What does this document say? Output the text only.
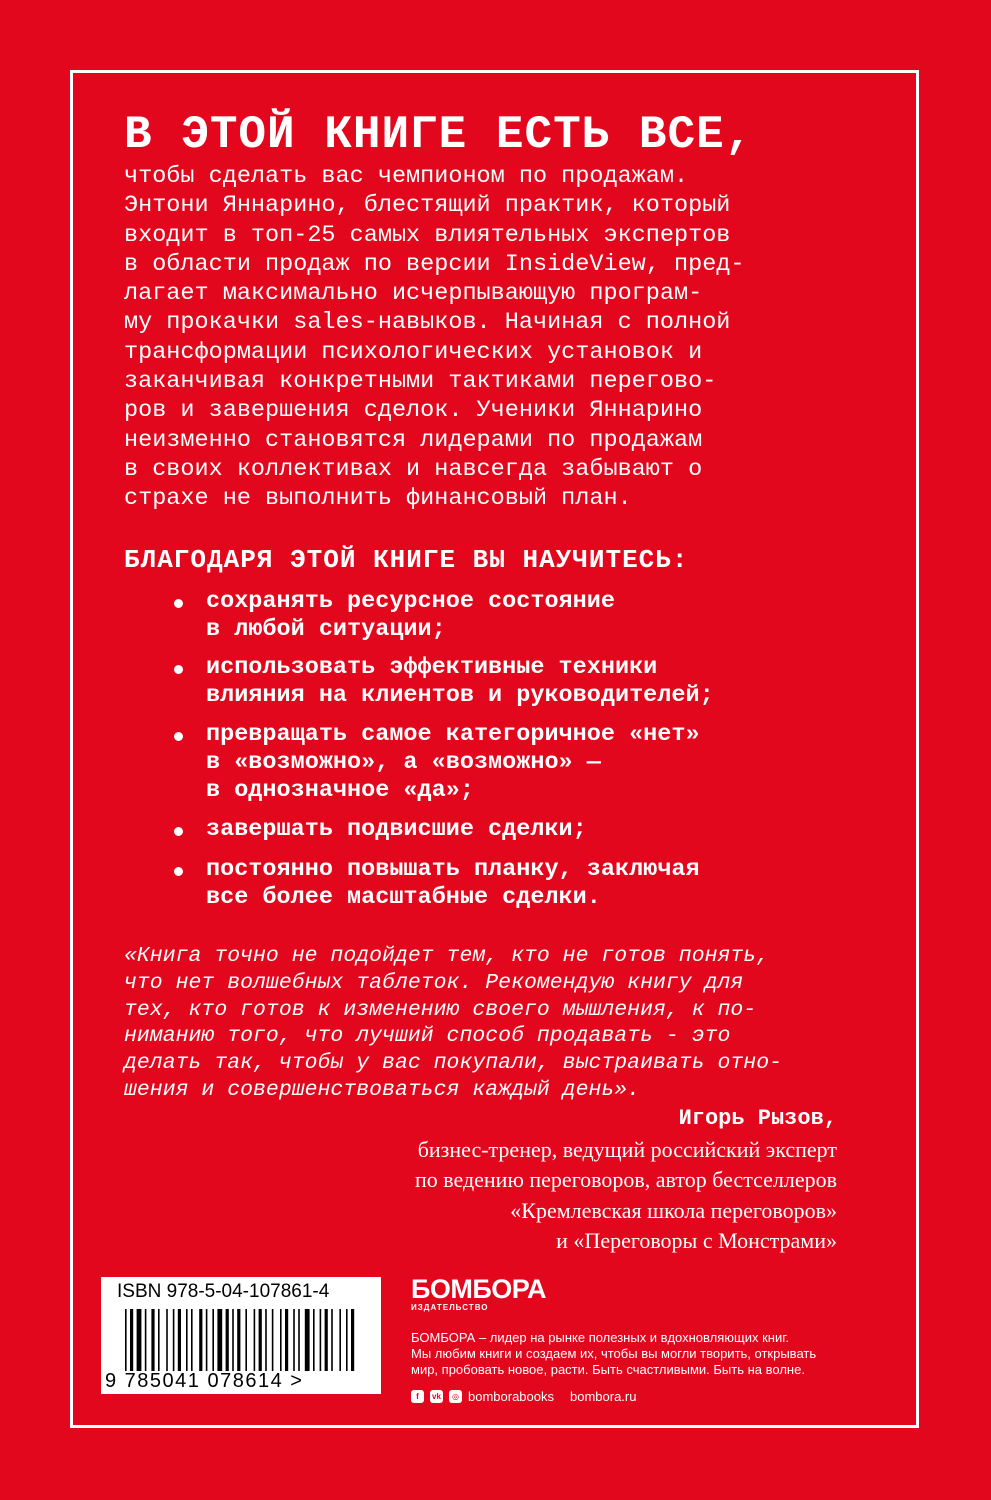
В ЭТОЙ КНИГЕ ЕСТЬ ВСЕ,
чтобы сделать вас чемпионом по продажам.
Энтони Яннарино, блестящий практик, который
входит в топ-25 самых влиятельных экспертов
в области продаж по версии InsideView, пред-
лагает максимально исчерпывающую програм-
му прокачки sales-навыков. Начиная с полной
трансформации психологических установок и
заканчивая конкретными тактиками перегово-
ров и завершения сделок. Ученики Яннарино
неизменно становятся лидерами по продажам
в своих коллективах и навсегда забывают о
страхе не выполнить финансовый план.
БЛАГОДАРЯ ЭТОЙ КНИГЕ ВЫ НАУЧИТЕСЬ:
сохранять ресурсное состояние
в любой ситуации;
использовать эффективные техники
влияния на клиентов и руководителей;
превращать самое категоричное «нет»
в «возможно», а «возможно» —
в однозначное «да»;
завершать подвисшие сделки;
постоянно повышать планку, заключая
все более масштабные сделки.
«Книга точно не подойдет тем, кто не готов понять,
что нет волшебных таблеток. Рекомендую книгу для
тех, кто готов к изменению своего мышления, к по-
ниманию того, что лучший способ продавать - это
делать так, чтобы у вас покупали, выстраивать отно-
шения и совершенствоваться каждый день».
Игорь Рызов,
бизнес-тренер, ведущий российский эксперт
по ведению переговоров, автор бестселлеров
«Кремлевская школа переговоров»
и «Переговоры с Монстрами»
ISBN 978-5-04-107861-4
9 785041 078614 >
БОМБОРА
ИЗДАТЕЛЬСТВО
БОМБОРА – лидер на рынке полезных и вдохновляющих книг.
Мы любим книги и создаем их, чтобы вы могли творить, открывать
мир, пробовать новое, расти. Быть счастливыми. Быть на волне.
f	vk	◎ bomborabooks bombora.ru
